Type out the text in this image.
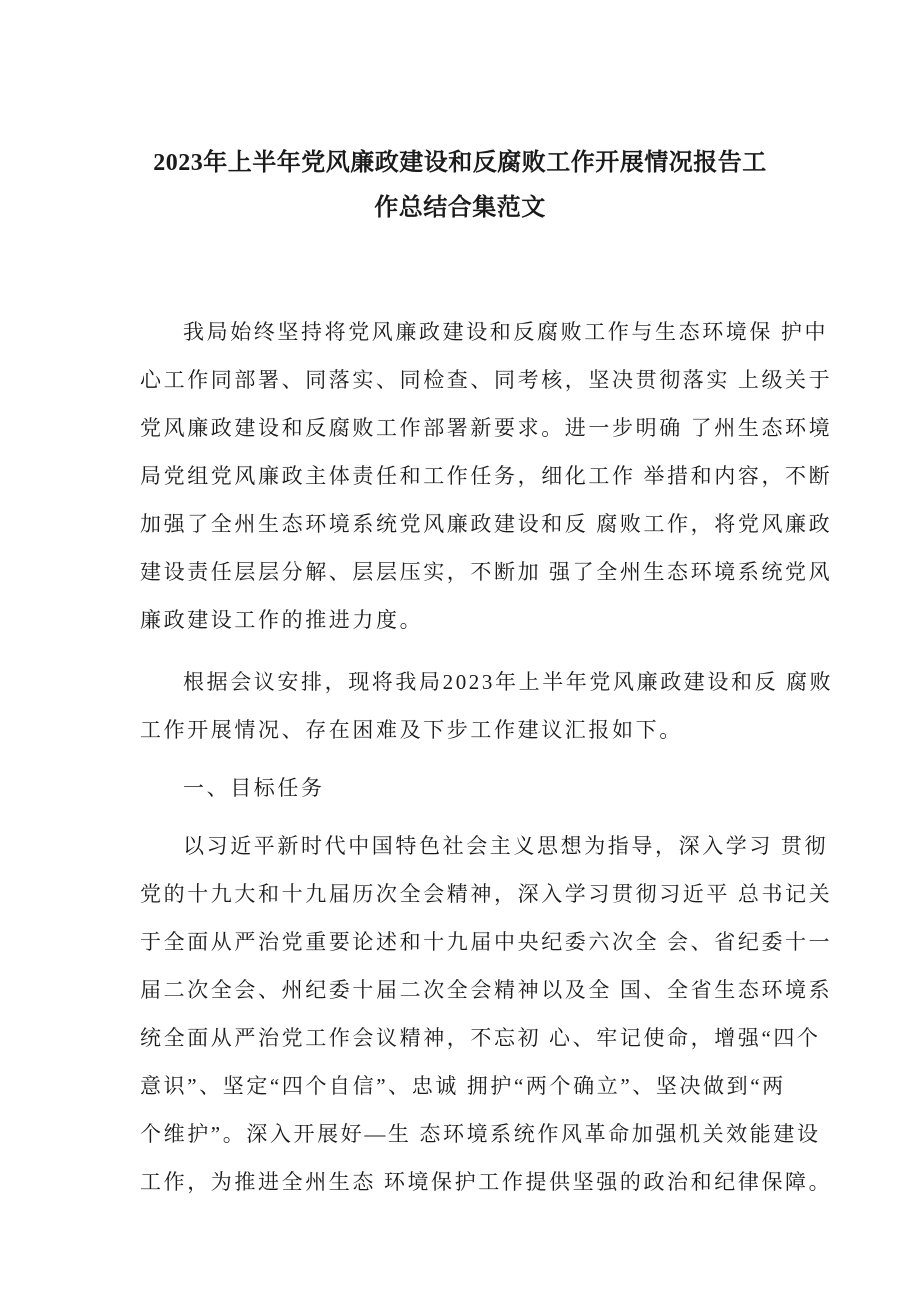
2023年上半年党风廉政建设和反腐败工作开展情况报告工
作总结合集范文
我局始终坚持将党风廉政建设和反腐败工作与生态环境保 护中
心工作同部署、同落实、同检查、同考核，坚决贯彻落实 上级关于
党风廉政建设和反腐败工作部署新要求。进一步明确 了州生态环境
局党组党风廉政主体责任和工作任务，细化工作 举措和内容，不断
加强了全州生态环境系统党风廉政建设和反 腐败工作，将党风廉政
建设责任层层分解、层层压实，不断加 强了全州生态环境系统党风
廉政建设工作的推进力度。
根据会议安排，现将我局2023年上半年党风廉政建设和反 腐败
工作开展情况、存在困难及下步工作建议汇报如下。
一、目标任务
以习近平新时代中国特色社会主义思想为指导，深入学习 贯彻
党的十九大和十九届历次全会精神，深入学习贯彻习近平 总书记关
于全面从严治党重要论述和十九届中央纪委六次全 会、省纪委十一
届二次全会、州纪委十届二次全会精神以及全 国、全省生态环境系
统全面从严治党工作会议精神，不忘初 心、牢记使命，增强“四个
意识”、坚定“四个自信”、忠诚 拥护“两个确立”、坚决做到“两
个维护”。深入开展好—生 态环境系统作风革命加强机关效能建设
工作，为推进全州生态 环境保护工作提供坚强的政治和纪律保障。
